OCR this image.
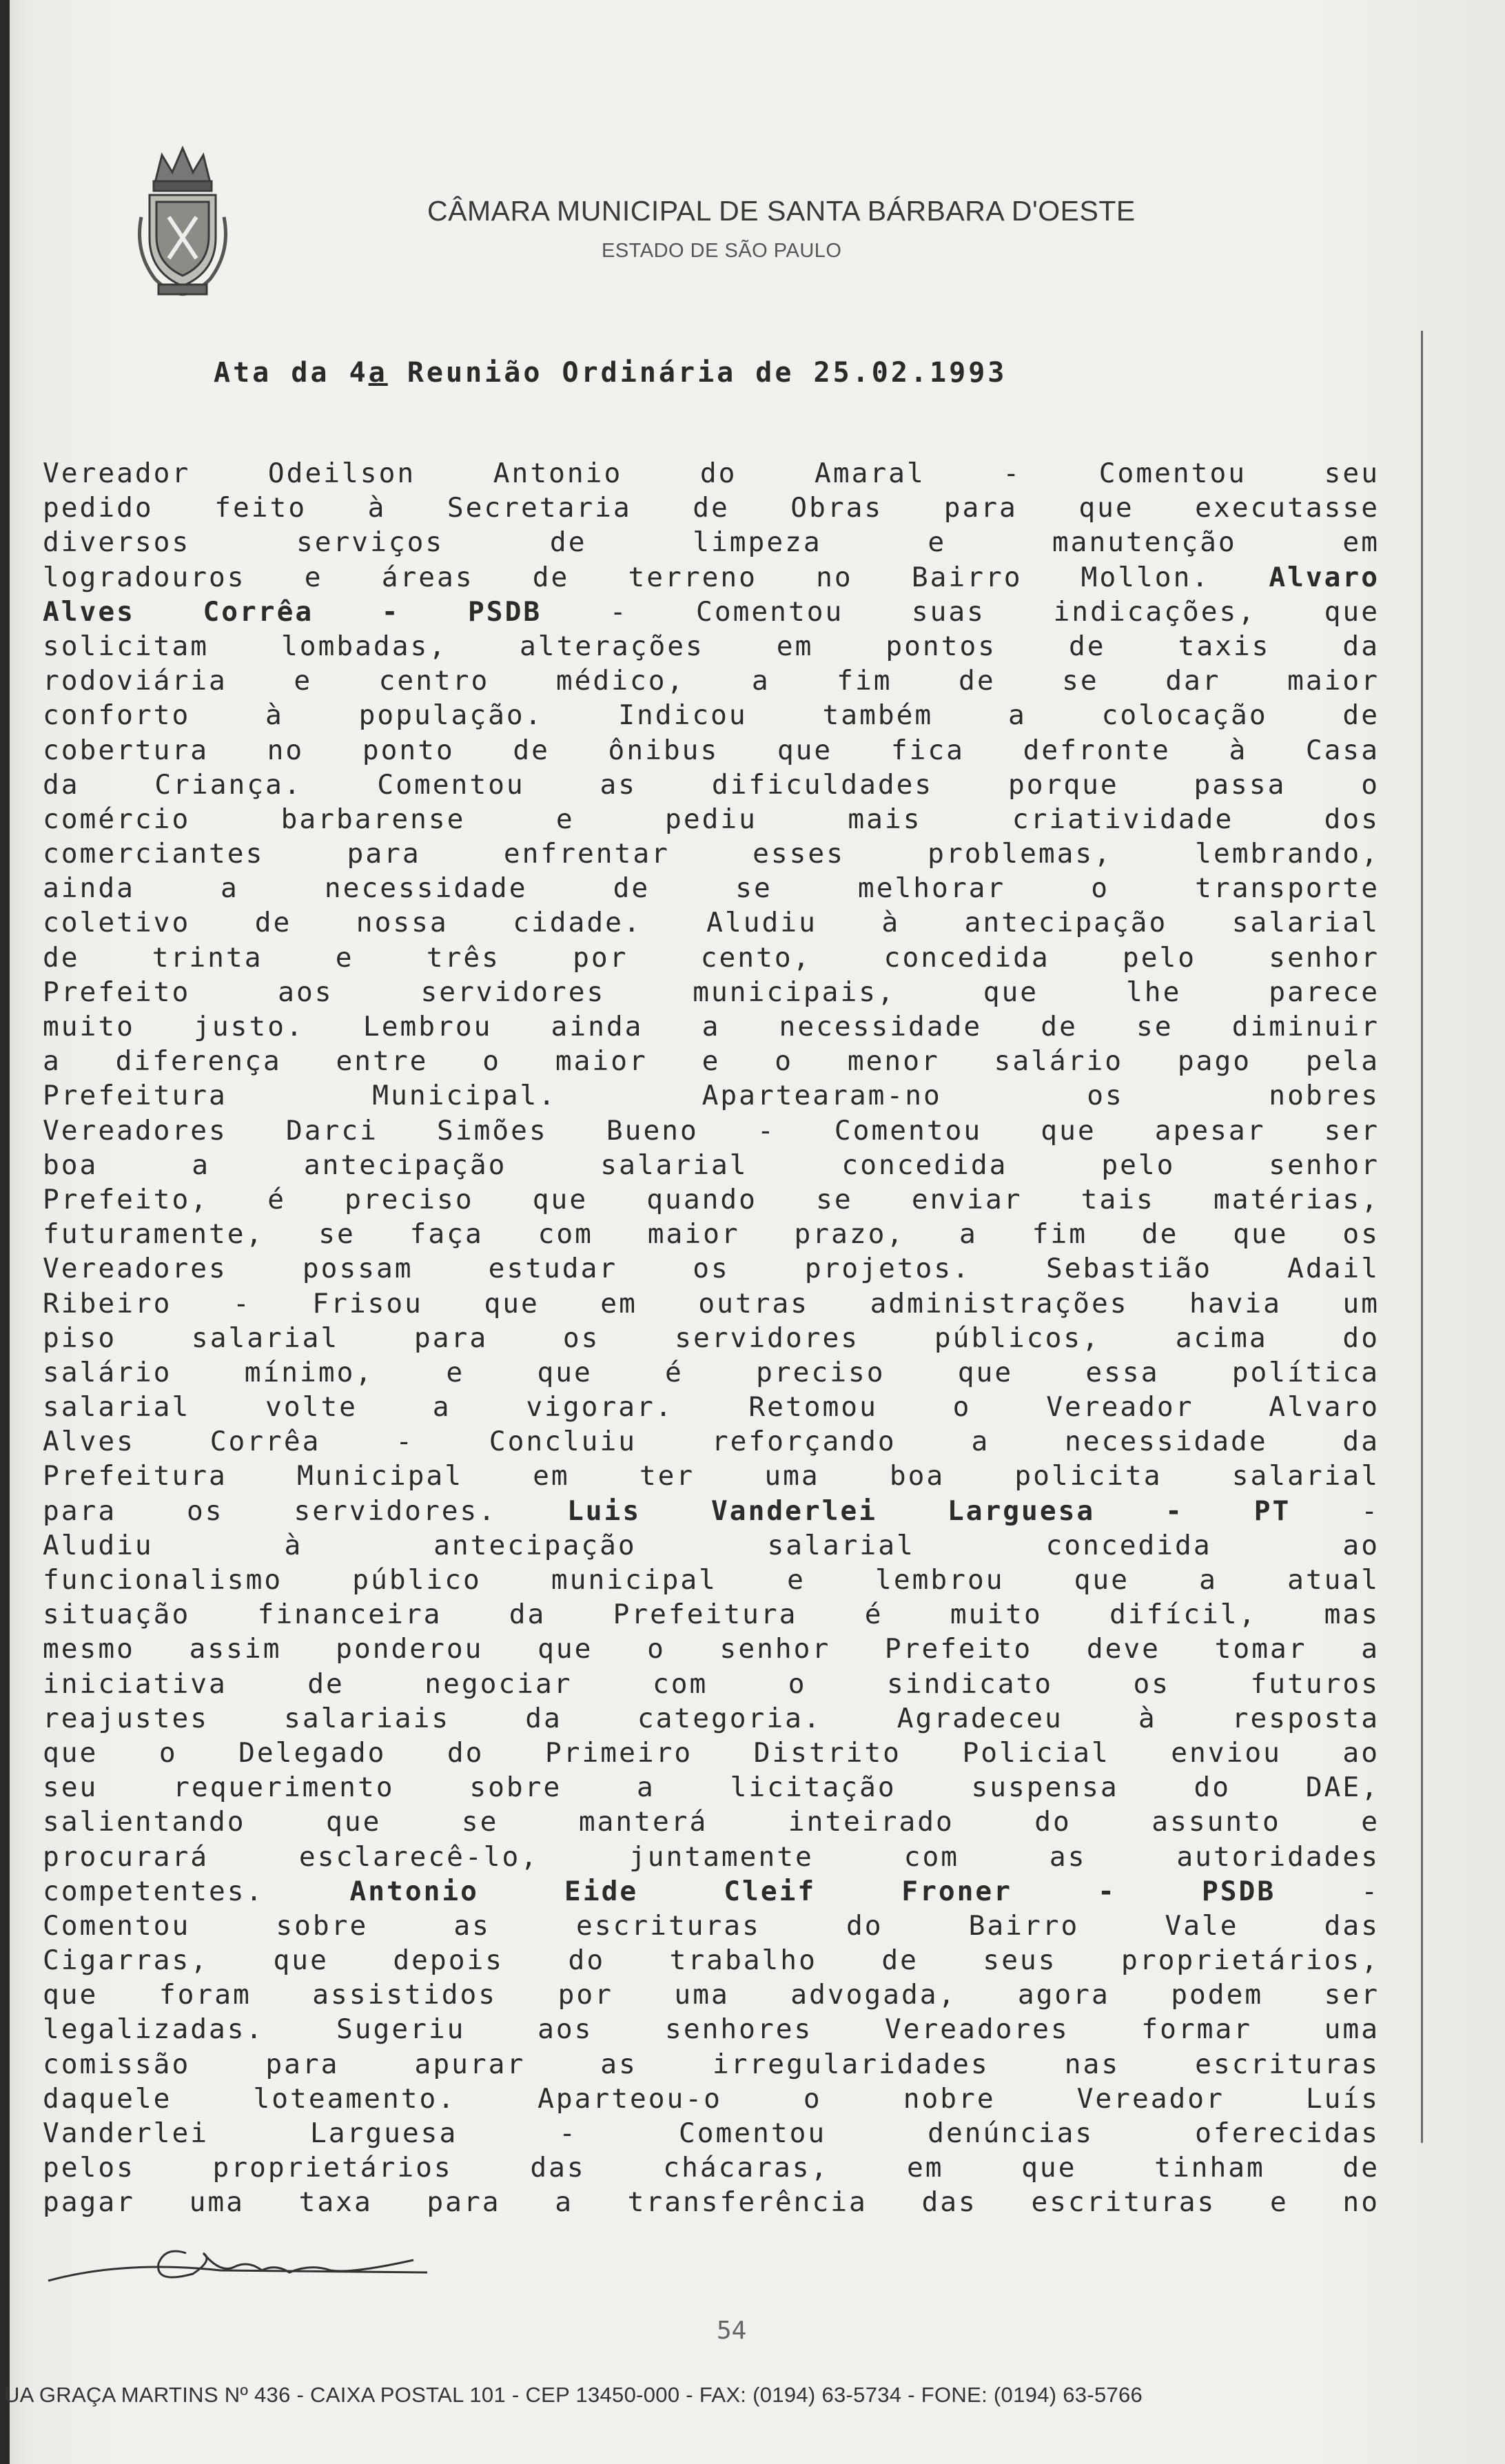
CÂMARA MUNICIPAL DE SANTA BÁRBARA D'OESTE
ESTADO DE SÃO PAULO
Ata da 4a Reunião Ordinária de 25.02.1993
Vereador Odeilson Antonio do Amaral - Comentou seu
pedido feito à Secretaria de Obras para que executasse
diversos serviços de limpeza e manutenção em
logradouros e áreas de terreno no Bairro Mollon. Alvaro
Alves Corrêa - PSDB - Comentou suas indicações, que
solicitam lombadas, alterações em pontos de taxis da
rodoviária e centro médico, a fim de se dar maior
conforto à população. Indicou também a colocação de
cobertura no ponto de ônibus que fica defronte à Casa
da Criança. Comentou as dificuldades porque passa o
comércio barbarense e pediu mais criatividade dos
comerciantes para enfrentar esses problemas, lembrando,
ainda a necessidade de se melhorar o transporte
coletivo de nossa cidade. Aludiu à antecipação salarial
de trinta e três por cento, concedida pelo senhor
Prefeito aos servidores municipais, que lhe parece
muito justo. Lembrou ainda a necessidade de se diminuir
a diferença entre o maior e o menor salário pago pela
Prefeitura Municipal. Apartearam-no os nobres
Vereadores Darci Simões Bueno - Comentou que apesar ser
boa a antecipação salarial concedida pelo senhor
Prefeito, é preciso que quando se enviar tais matérias,
futuramente, se faça com maior prazo, a fim de que os
Vereadores possam estudar os projetos. Sebastião Adail
Ribeiro - Frisou que em outras administrações havia um
piso salarial para os servidores públicos, acima do
salário mínimo, e que é preciso que essa política
salarial volte a vigorar. Retomou o Vereador Alvaro
Alves Corrêa - Concluiu reforçando a necessidade da
Prefeitura Municipal em ter uma boa policita salarial
para os servidores. Luis Vanderlei Larguesa - PT -
Aludiu à antecipação salarial concedida ao
funcionalismo público municipal e lembrou que a atual
situação financeira da Prefeitura é muito difícil, mas
mesmo assim ponderou que o senhor Prefeito deve tomar a
iniciativa de negociar com o sindicato os futuros
reajustes salariais da categoria. Agradeceu à resposta
que o Delegado do Primeiro Distrito Policial enviou ao
seu requerimento sobre a licitação suspensa do DAE,
salientando que se manterá inteirado do assunto e
procurará esclarecê-lo, juntamente com as autoridades
competentes. Antonio Eide Cleif Froner - PSDB -
Comentou sobre as escrituras do Bairro Vale das
Cigarras, que depois do trabalho de seus proprietários,
que foram assistidos por uma advogada, agora podem ser
legalizadas. Sugeriu aos senhores Vereadores formar uma
comissão para apurar as irregularidades nas escrituras
daquele loteamento. Aparteou-o o nobre Vereador Luís
Vanderlei Larguesa - Comentou denúncias oferecidas
pelos proprietários das chácaras, em que tinham de
pagar uma taxa para a transferência das escrituras e no
54
UA GRAÇA MARTINS Nº 436 - CAIXA POSTAL 101 - CEP 13450-000 - FAX: (0194) 63-5734 - FONE: (0194) 63-5766
